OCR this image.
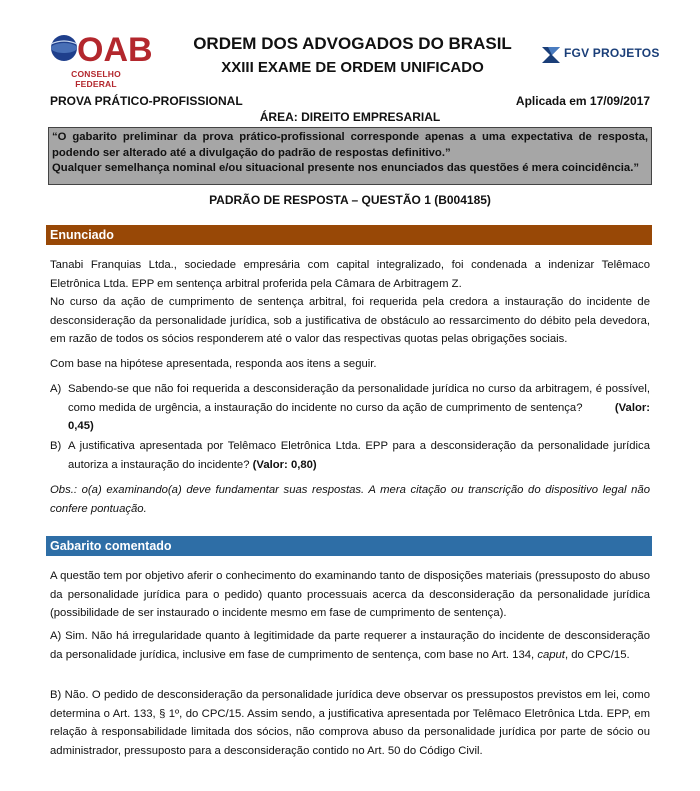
OAB
CONSELHO FEDERAL
ORDEM DOS ADVOGADOS DO BRASIL
XXIII EXAME DE ORDEM UNIFICADO
FGV PROJETOS
PROVA PRÁTICO-PROFISSIONAL	Aplicada em 17/09/2017
ÁREA: DIREITO EMPRESARIAL

“O gabarito preliminar da prova prático-profissional corresponde apenas a uma expectativa de resposta, podendo ser alterado até a divulgação do padrão de respostas definitivo.”

Qualquer semelhança nominal e/ou situacional presente nos enunciados das questões é mera coincidência.”

PADRÃO DE RESPOSTA – QUESTÃO 1 (B004185)
Enunciado

Tanabi Franquias Ltda., sociedade empresária com capital integralizado, foi condenada a indenizar Telêmaco Eletrônica Ltda. EPP em sentença arbitral proferida pela Câmara de Arbitragem Z.

No curso da ação de cumprimento de sentença arbitral, foi requerida pela credora a instauração do incidente de desconsideração da personalidade jurídica, sob a justificativa de obstáculo ao ressarcimento do débito pela devedora, em razão de todos os sócios responderem até o valor das respectivas quotas pelas obrigações sociais.

Com base na hipótese apresentada, responda aos itens a seguir.

A) Sabendo-se que não foi requerida a desconsideração da personalidade jurídica no curso da arbitragem, é possível, como medida de urgência, a instauração do incidente no curso da ação de cumprimento de sentença?	(Valor: 0,45)
B) A justificativa apresentada por Telêmaco Eletrônica Ltda. EPP para a desconsideração da personalidade jurídica autoriza a instauração do incidente? (Valor: 0,80)

Obs.: o(a) examinando(a) deve fundamentar suas respostas. A mera citação ou transcrição do dispositivo legal não confere pontuação.

Gabarito comentado

A questão tem por objetivo aferir o conhecimento do examinando tanto de disposições materiais (pressuposto do abuso da personalidade jurídica para o pedido) quanto processuais acerca da desconsideração da personalidade jurídica (possibilidade de ser instaurado o incidente mesmo em fase de cumprimento de sentença).

A) Sim. Não há irregularidade quanto à legitimidade da parte requerer a instauração do incidente de desconsideração da personalidade jurídica, inclusive em fase de cumprimento de sentença, com base no Art. 134, caput, do CPC/15.

B) Não. O pedido de desconsideração da personalidade jurídica deve observar os pressupostos previstos em lei, como determina o Art. 133, § 1º, do CPC/15. Assim sendo, a justificativa apresentada por Telêmaco Eletrônica Ltda. EPP, em relação à responsabilidade limitada dos sócios, não comprova abuso da personalidade jurídica por parte de sócio ou administrador, pressuposto para a desconsideração contido no Art. 50 do Código Civil.
